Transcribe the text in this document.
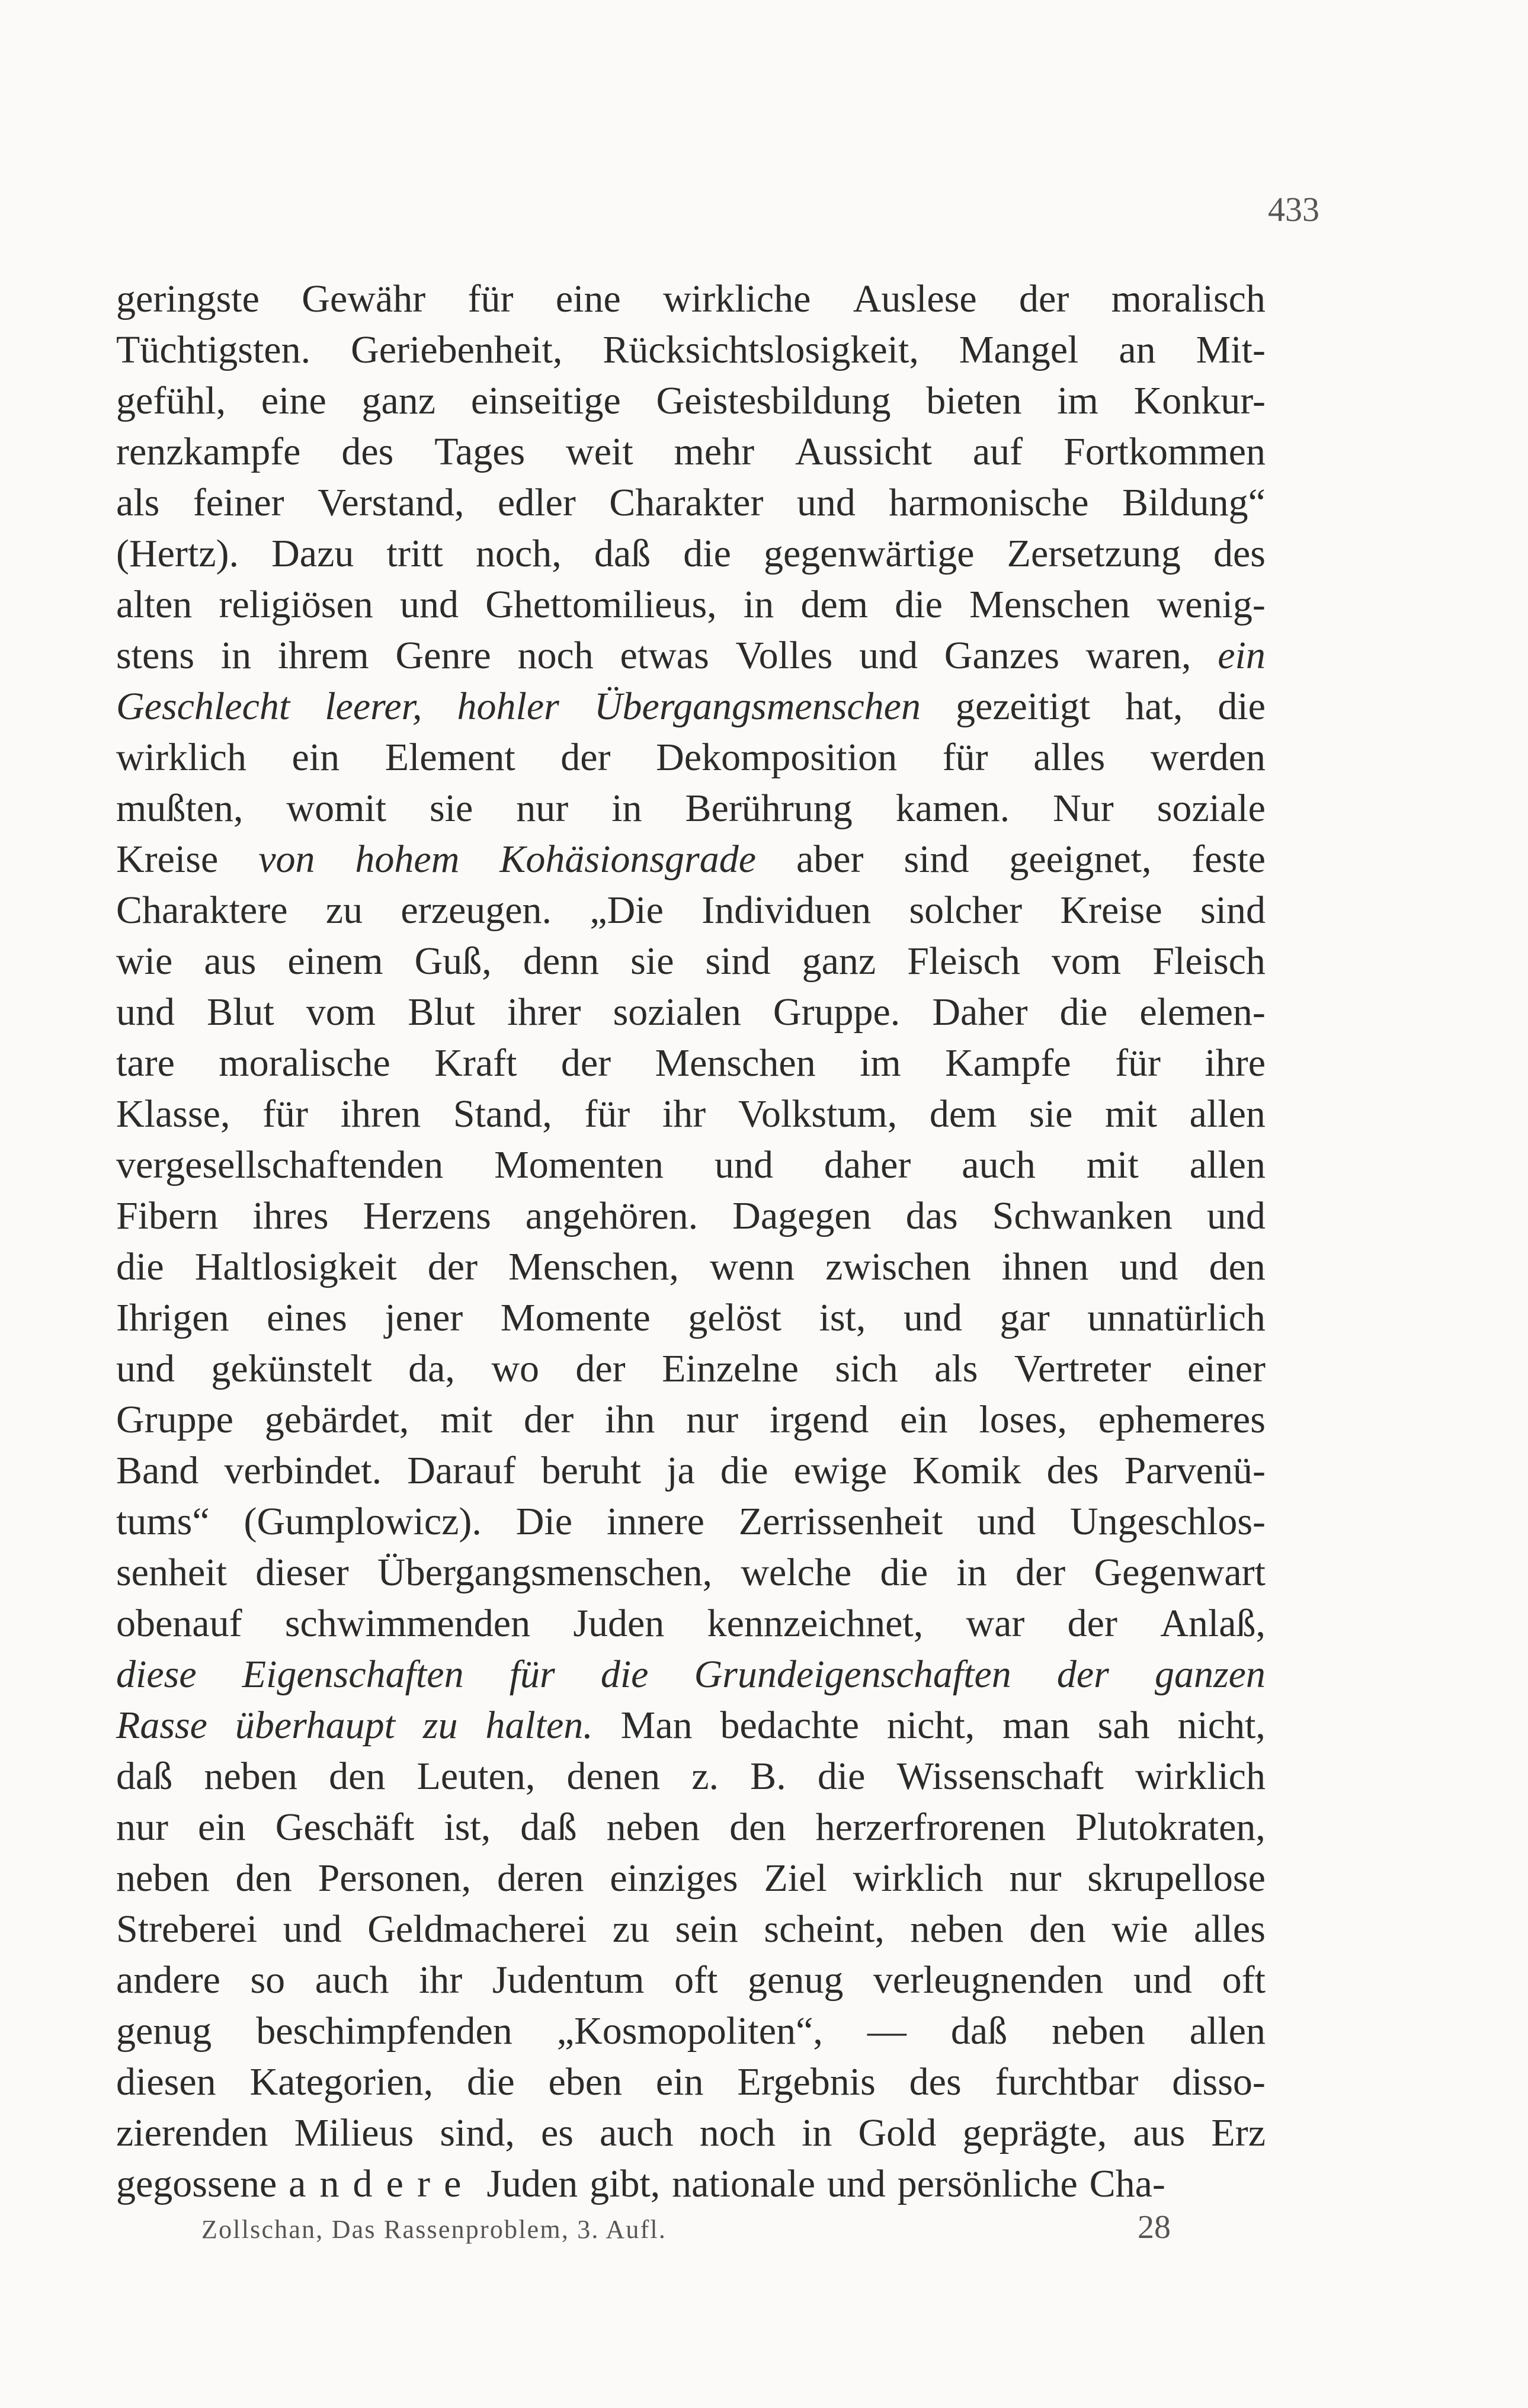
433
geringste Gewähr für eine wirkliche Auslese der moralisch
Tüchtigsten. Geriebenheit, Rücksichtslosigkeit, Mangel an Mit-
gefühl, eine ganz einseitige Geistesbildung bieten im Konkur-
renzkampfe des Tages weit mehr Aussicht auf Fortkommen
als feiner Verstand, edler Charakter und harmonische Bildung“
(Hertz). Dazu tritt noch, daß die gegenwärtige Zersetzung des
alten religiösen und Ghettomilieus, in dem die Menschen wenig-
stens in ihrem Genre noch etwas Volles und Ganzes waren, ein
Geschlecht leerer, hohler Übergangsmenschen gezeitigt hat, die
wirklich ein Element der Dekomposition für alles werden
mußten, womit sie nur in Berührung kamen. Nur soziale
Kreise von hohem Kohäsionsgrade aber sind geeignet, feste
Charaktere zu erzeugen. „Die Individuen solcher Kreise sind
wie aus einem Guß, denn sie sind ganz Fleisch vom Fleisch
und Blut vom Blut ihrer sozialen Gruppe. Daher die elemen-
tare moralische Kraft der Menschen im Kampfe für ihre
Klasse, für ihren Stand, für ihr Volkstum, dem sie mit allen
vergesellschaftenden Momenten und daher auch mit allen
Fibern ihres Herzens angehören. Dagegen das Schwanken und
die Haltlosigkeit der Menschen, wenn zwischen ihnen und den
Ihrigen eines jener Momente gelöst ist, und gar unnatürlich
und gekünstelt da, wo der Einzelne sich als Vertreter einer
Gruppe gebärdet, mit der ihn nur irgend ein loses, ephemeres
Band verbindet. Darauf beruht ja die ewige Komik des Parvenü-
tums“ (Gumplowicz). Die innere Zerrissenheit und Ungeschlos-
senheit dieser Übergangsmenschen, welche die in der Gegenwart
obenauf schwimmenden Juden kennzeichnet, war der Anlaß,
diese Eigenschaften für die Grundeigenschaften der ganzen
Rasse überhaupt zu halten. Man bedachte nicht, man sah nicht,
daß neben den Leuten, denen z. B. die Wissenschaft wirklich
nur ein Geschäft ist, daß neben den herzerfrorenen Plutokraten,
neben den Personen, deren einziges Ziel wirklich nur skrupellose
Streberei und Geldmacherei zu sein scheint, neben den wie alles
andere so auch ihr Judentum oft genug verleugnenden und oft
genug beschimpfenden „Kosmopoliten“, — daß neben allen
diesen Kategorien, die eben ein Ergebnis des furchtbar disso-
zierenden Milieus sind, es auch noch in Gold geprägte, aus Erz
gegossene andere Juden gibt, nationale und persönliche Cha-
Zollschan, Das Rassenproblem, 3. Aufl.	28
